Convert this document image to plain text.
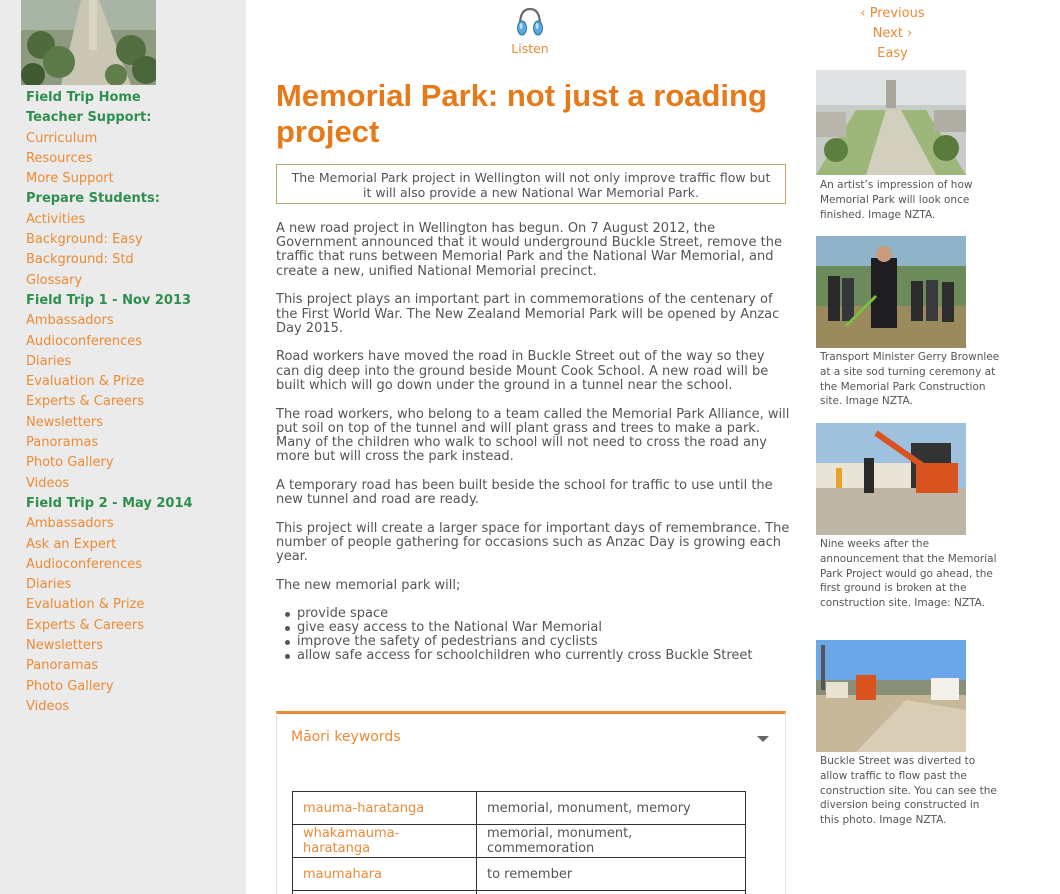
Field Trip Home
Teacher Support:
Curriculum
Resources
More Support
Prepare Students:
Activities
Background: Easy
Background: Std
Glossary
Field Trip 1 - Nov 2013
Ambassadors
Audioconferences
Diaries
Evaluation & Prize
Experts & Careers
Newsletters
Panoramas
Photo Gallery
Videos
Field Trip 2 - May 2014
Ambassadors
Ask an Expert
Audioconferences
Diaries
Evaluation & Prize
Experts & Careers
Newsletters
Panoramas
Photo Gallery
Videos
Listen
‹ Previous
Next ›
Easy
Memorial Park: not just a roading project
The Memorial Park project in Wellington will not only improve traffic flow but it will also provide a new National War Memorial Park.

A new road project in Wellington has begun. On 7 August 2012, the Government announced that it would underground Buckle Street, remove the traffic that runs between Memorial Park and the National War Memorial, and create a new, unified National Memorial precinct.

This project plays an important part in commemorations of the centenary of the First World War. The New Zealand Memorial Park will be opened by Anzac Day 2015.

Road workers have moved the road in Buckle Street out of the way so they can dig deep into the ground beside Mount Cook School. A new road will be built which will go down under the ground in a tunnel near the school.

The road workers, who belong to a team called the Memorial Park Alliance, will put soil on top of the tunnel and will plant grass and trees to make a park. Many of the children who walk to school will not need to cross the road any more but will cross the park instead.

A temporary road has been built beside the school for traffic to use until the new tunnel and road are ready.

This project will create a larger space for important days of remembrance. The number of people gathering for occasions such as Anzac Day is growing each year.

The new memorial park will;

provide space
give easy access to the National War Memorial
improve the safety of pedestrians and cyclists
allow safe access for schoolchildren who currently cross Buckle Street
Māori keywords
mauma-haratanga	memorial, monument, memory
whakamauma-haratanga	memorial, monument, commemoration
maumahara	to remember

An artist’s impression of how Memorial Park will look once finished. Image NZTA.
Transport Minister Gerry Brownlee at a site sod turning ceremony at the Memorial Park Construction site. Image NZTA.
Nine weeks after the announcement that the Memorial Park Project would go ahead, the first ground is broken at the construction site. Image: NZTA.
Buckle Street was diverted to allow traffic to flow past the construction site. You can see the diversion being constructed in this photo. Image NZTA.
